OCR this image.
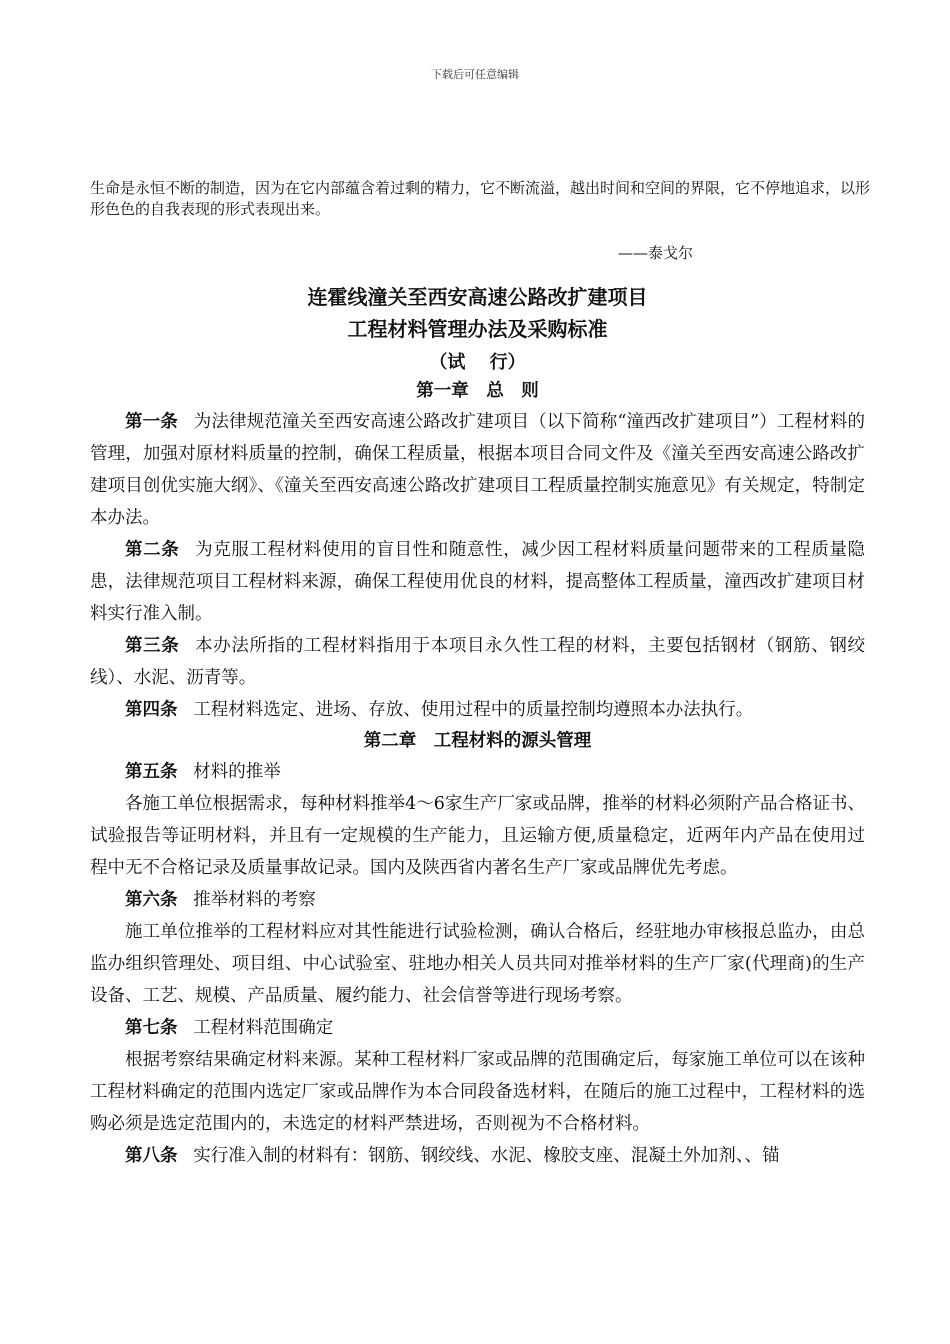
下载后可任意编辑
生命是永恒不断的制造，因为在它内部蕴含着过剩的精力，它不断流溢，越出时间和空间的界限，它不停地追求，以形形色色的自我表现的形式表现出来。
——泰戈尔
连霍线潼关至西安高速公路改扩建项目
工程材料管理办法及采购标准
（试　 行）
第一章　总　则

第一条 为法律规范潼关至西安高速公路改扩建项目（以下简称“潼西改扩建项目”）工程材料的管理，加强对原材料质量的控制，确保工程质量，根据本项目合同文件及《潼关至西安高速公路改扩建项目创优实施大纲》、《潼关至西安高速公路改扩建项目工程质量控制实施意见》有关规定，特制定本办法。

第二条 为克服工程材料使用的盲目性和随意性，减少因工程材料质量问题带来的工程质量隐患，法律规范项目工程材料来源，确保工程使用优良的材料，提高整体工程质量，潼西改扩建项目材料实行准入制。

第三条 本办法所指的工程材料指用于本项目永久性工程的材料，主要包括钢材（钢筋、钢绞线）、水泥、沥青等。

第四条 工程材料选定、进场、存放、使用过程中的质量控制均遵照本办法执行。

第二章　工程材料的源头管理

第五条 材料的推举

各施工单位根据需求，每种材料推举4～6家生产厂家或品牌，推举的材料必须附产品合格证书、试验报告等证明材料，并且有一定规模的生产能力，且运输方便,质量稳定，近两年内产品在使用过程中无不合格记录及质量事故记录。国内及陕西省内著名生产厂家或品牌优先考虑。

第六条 推举材料的考察

施工单位推举的工程材料应对其性能进行试验检测，确认合格后，经驻地办审核报总监办，由总监办组织管理处、项目组、中心试验室、驻地办相关人员共同对推举材料的生产厂家(代理商)的生产设备、工艺、规模、产品质量、履约能力、社会信誉等进行现场考察。

第七条 工程材料范围确定

根据考察结果确定材料来源。某种工程材料厂家或品牌的范围确定后，每家施工单位可以在该种工程材料确定的范围内选定厂家或品牌作为本合同段备选材料，在随后的施工过程中，工程材料的选购必须是选定范围内的，未选定的材料严禁进场，否则视为不合格材料。

第八条 实行准入制的材料有：钢筋、钢绞线、水泥、橡胶支座、混凝土外加剂、、锚
